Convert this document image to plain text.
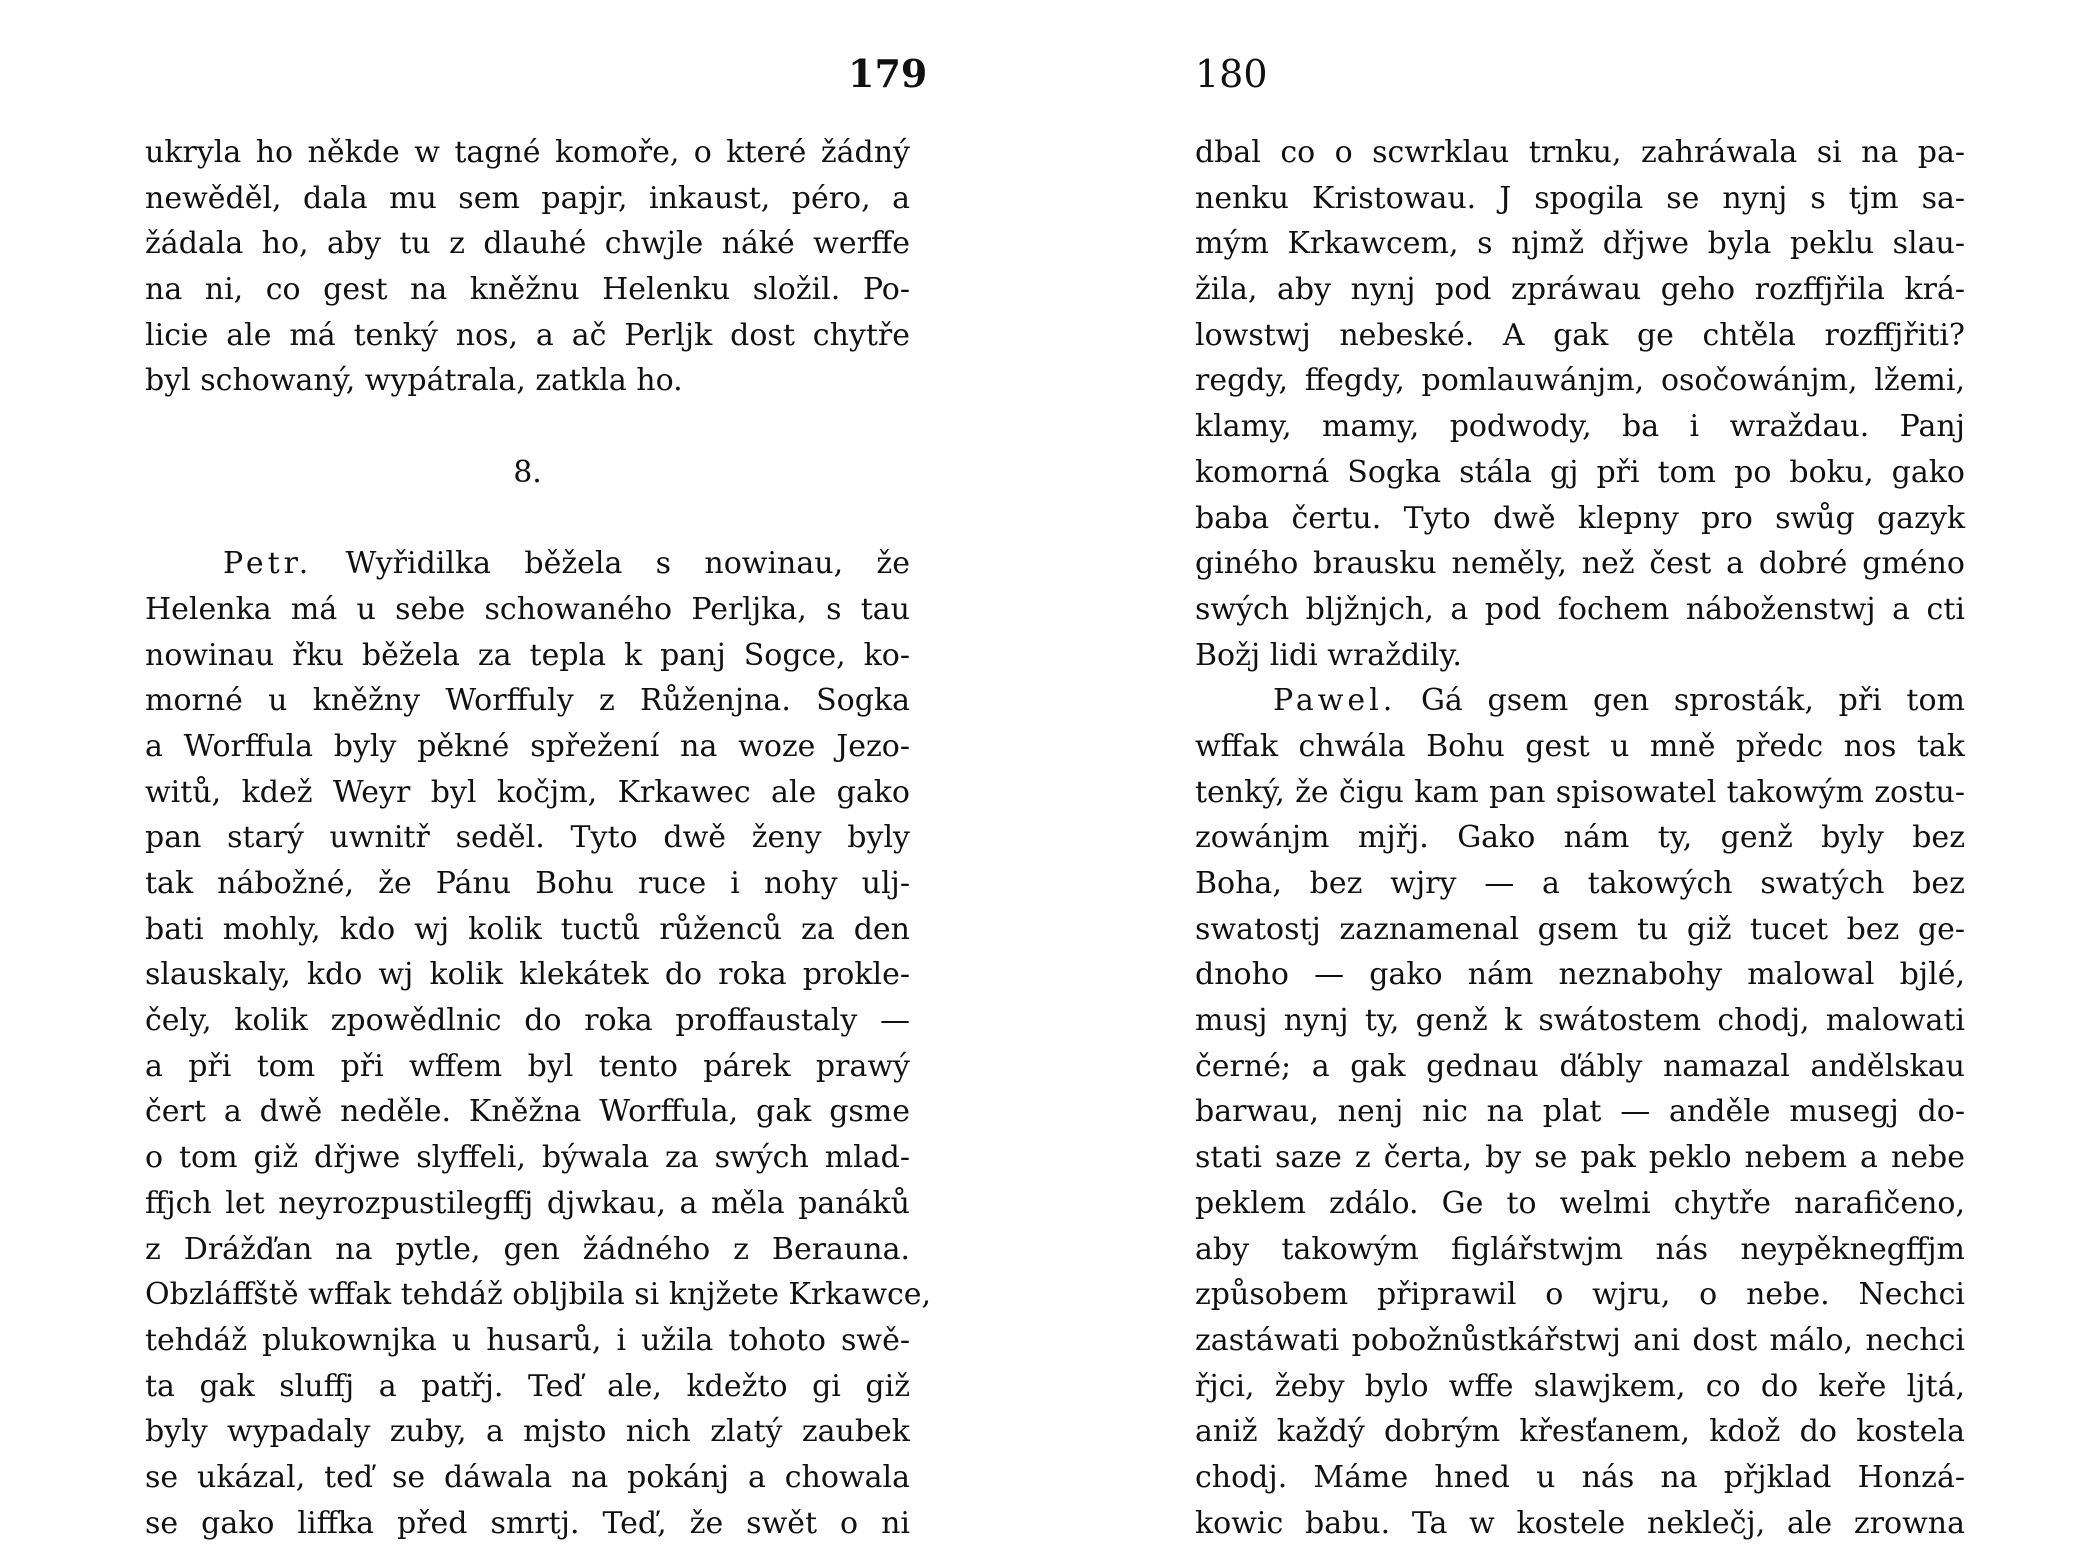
179
ukryla ho někde w tagné komoře, o které žádný
newěděl, dala mu sem papjr, inkaust, péro, a
žádala ho, aby tu z dlauhé chwjle náké werffe
na ni, co gest na kněžnu Helenku složil. Po-
licie ale má tenký nos, a ač Perljk dost chytře
byl schowaný, wypátrala, zatkla ho.
8.
Petr. Wyřidilka běžela s nowinau, že
Helenka má u sebe schowaného Perljka, s tau
nowinau řku běžela za tepla k panj Sogce, ko-
morné u kněžny Worffuly z Růženjna. Sogka
a Worffula byly pěkné spřežení na woze Jezo-
witů, kdež Weyr byl kočjm, Krkawec ale gako
pan starý uwnitř seděl. Tyto dwě ženy byly
tak nábožné, že Pánu Bohu ruce i nohy ulj-
bati mohly, kdo wj kolik tuctů růženců za den
slauskaly, kdo wj kolik klekátek do roka prokle-
čely, kolik zpowědlnic do roka proffaustaly —
a při tom při wffem byl tento párek prawý
čert a dwě neděle. Kněžna Worffula, gak gsme
o tom giž dřjwe slyffeli, býwala za swých mlad-
ffjch let neyrozpustilegffj djwkau, a měla panáků
z Drážďan na pytle, gen žádného z Berauna.
Obzláffště wffak tehdáž obljbila si knjžete Krkawce,
tehdáž plukownjka u husarů, i užila tohoto swě-
ta gak sluffj a patřj. Teď ale, kdežto gi giž
byly wypadaly zuby, a mjsto nich zlatý zaubek
se ukázal, teď se dáwala na pokánj a chowala
se gako liffka před smrtj. Teď, že swět o ni
180
dbal co o scwrklau trnku, zahráwala si na pa-
nenku Kristowau. J spogila se nynj s tjm sa-
mým Krkawcem, s njmž dřjwe byla peklu slau-
žila, aby nynj pod zpráwau geho rozffjřila krá-
lowstwj nebeské. A gak ge chtěla rozffjřiti?
regdy, ffegdy, pomlauwánjm, osočowánjm, lžemi,
klamy, mamy, podwody, ba i wraždau. Panj
komorná Sogka stála gj při tom po boku, gako
baba čertu. Tyto dwě klepny pro swůg gazyk
giného brausku neměly, než čest a dobré gméno
swých bljžnjch, a pod fochem náboženstwj a cti
Božj lidi wraždily.
Pawel. Gá gsem gen sprosták, při tom
wffak chwála Bohu gest u mně předc nos tak
tenký, že čigu kam pan spisowatel takowým zostu-
zowánjm mjřj. Gako nám ty, genž byly bez
Boha, bez wjry — a takowých swatých bez
swatostj zaznamenal gsem tu giž tucet bez ge-
dnoho — gako nám neznabohy malowal bjlé,
musj nynj ty, genž k swátostem chodj, malowati
černé; a gak gednau ďábly namazal andělskau
barwau, nenj nic na plat — anděle musegj do-
stati saze z čerta, by se pak peklo nebem a nebe
peklem zdálo. Ge to welmi chytře narafičeno,
aby takowým figlářstwjm nás neypěknegffjm
způsobem připrawil o wjru, o nebe. Nechci
zastáwati pobožnůstkářstwj ani dost málo, nechci
řjci, žeby bylo wffe slawjkem, co do keře ljtá,
aniž každý dobrým křesťanem, kdož do kostela
chodj. Máme hned u nás na přjklad Honzá-
kowic babu. Ta w kostele neklečj, ale zrowna
